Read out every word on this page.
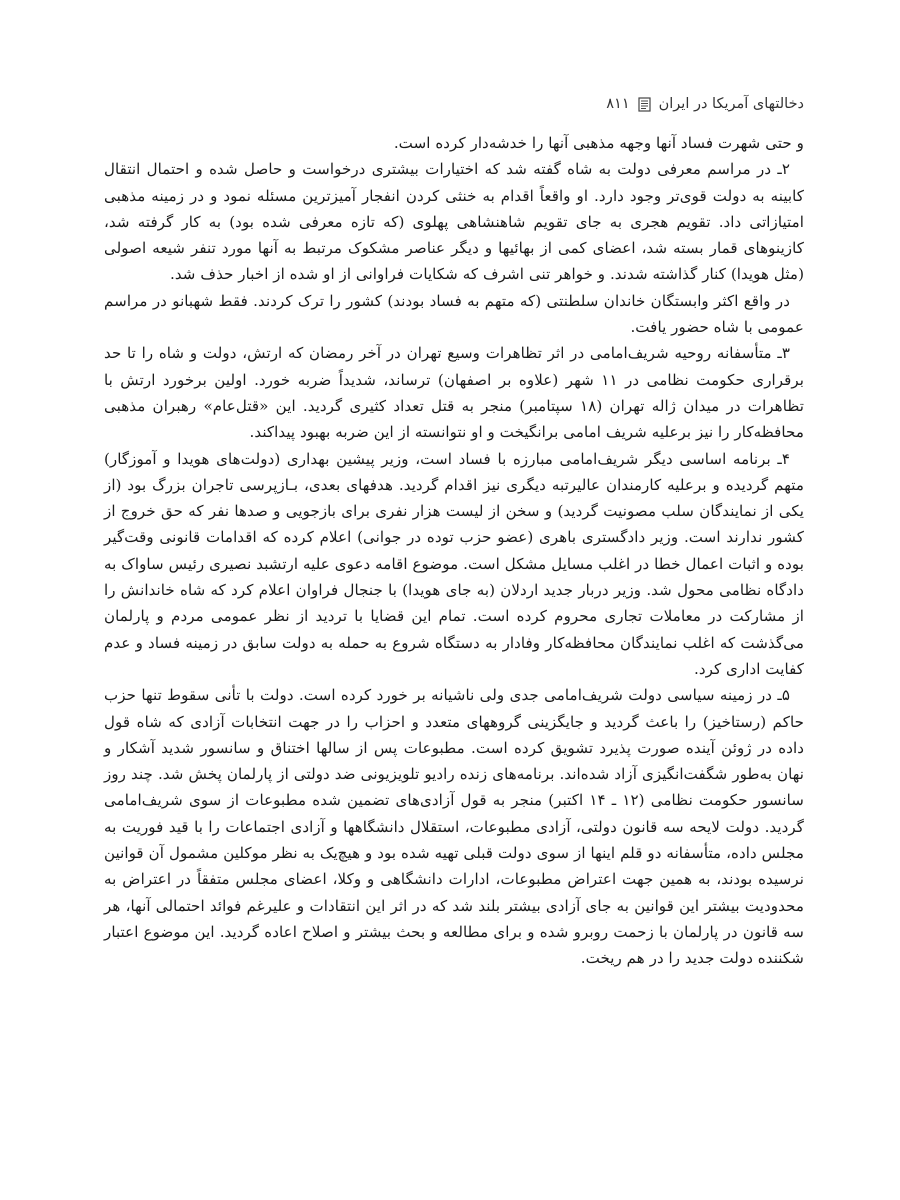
دخالتهای آمریکا در ایران
۸۱۱

و حتی شهرت فساد آنها وجهه مذهبی آنها را خدشه‌دار کرده است.

۲ـ در مراسم معرفی دولت به شاه گفته شد که اختیارات بیشتری درخواست و حاصل شده و احتمال انتقال کابینه به دولت قوی‌تر وجود دارد. او واقعاً اقدام به خنثی کردن انفجار آمیزترین مسئله نمود و در زمینه مذهبی امتیازاتی داد. تقویم هجری به جای تقویم شاهنشاهی پهلوی (که تازه معرفی شده بود) به کار گرفته شد، کازینوهای قمار بسته شد، اعضای کمی از بهائیها و دیگر عناصر مشکوک مرتبط به آنها مورد تنفر شیعه اصولی (مثل هویدا) کنار گذاشته شدند. و خواهر تنی اشرف که شکایات فراوانی از او شده از اخبار حذف شد.

در واقع اکثر وابستگان خاندان سلطنتی (که متهم به فساد بودند) کشور را ترک کردند. فقط شهبانو در مراسم عمومی با شاه حضور یافت.

۳ـ متأسفانه روحیه شریف‌امامی در اثر تظاهرات وسیع تهران در آخر رمضان که ارتش، دولت و شاه را تا حد برقراری حکومت نظامی در ۱۱ شهر (علاوه بر اصفهان) ترساند، شدیداً ضربه خورد. اولین برخورد ارتش با تظاهرات در میدان ژاله تهران (۱۸ سپتامبر) منجر به قتل تعداد کثیری گردید. این «قتل‌عام» رهبران مذهبی محافظه‌کار را نیز برعلیه شریف امامی برانگیخت و او نتوانسته از این ضربه بهبود پیداکند.

۴ـ برنامه اساسی دیگر شریف‌امامی مبارزه با فساد است، وزیر پیشین بهداری (دولت‌های هویدا و آموزگار) متهم گردیده و برعلیه کارمندان عالیرتبه دیگری نیز اقدام گردید. هدفهای بعدی، بـازپرسی تاجران بزرگ بود (از یکی از نمایندگان سلب مصونیت گردید) و سخن از لیست هزار نفری برای بازجویی و صدها نفر که حق خروج از کشور ندارند است. وزیر دادگستری باهری (عضو حزب توده در جوانی) اعلام کرده که اقدامات قانونی وقت‌گیر بوده و اثبات اعمال خطا در اغلب مسایل مشکل است. موضوع اقامه دعوی علیه ارتشبد نصیری رئیس ساواک به دادگاه نظامی محول شد. وزیر دربار جدید اردلان (به جای هویدا) با جنجال فراوان اعلام کرد که شاه خاندانش را از مشارکت در معاملات تجاری محروم کرده است. تمام این قضایا با تردید از نظر عمومی مردم و پارلمان می‌گذشت که اغلب نمایندگان محافظه‌کار وفادار به دستگاه شروع به حمله به دولت سابق در زمینه فساد و عدم کفایت اداری کرد.

۵ـ در زمینه سیاسی دولت شریف‌امامی جدی ولی ناشیانه بر خورد کرده است. دولت با تأنی سقوط تنها حزب حاکم (رستاخیز) را باعث گردید و جایگزینی گروههای متعدد و احزاب را در جهت انتخابات آزادی که شاه قول داده در ژوئن آینده صورت پذیرد تشویق کرده است. مطبوعات پس از سالها اختناق و سانسور شدید آشکار و نهان به‌طور شگفت‌انگیزی آزاد شده‌اند. برنامه‌های زنده رادیو تلویزیونی ضد دولتی از پارلمان پخش شد. چند روز سانسور حکومت نظامی (۱۲ ـ ۱۴ اکتبر) منجر به قول آزادی‌های تضمین شده مطبوعات از سوی شریف‌امامی گردید. دولت لایحه سه قانون دولتی، آزادی مطبوعات، استقلال دانشگاهها و آزادی اجتماعات را با قید فوریت به مجلس داده، متأسفانه دو قلم اینها از سوی دولت قبلی تهیه شده بود و هیچ‌یک به نظر موکلین مشمول آن قوانین نرسیده بودند، به همین جهت اعتراض مطبوعات، ادارات دانشگاهی و وکلا، اعضای مجلس متفقاً در اعتراض به محدودیت بیشتر این قوانین به جای آزادی بیشتر بلند شد که در اثر این انتقادات و علیرغم فوائد احتمالی آنها، هر سه قانون در پارلمان با زحمت روبرو شده و برای مطالعه و بحث بیشتر و اصلاح اعاده گردید. این موضوع اعتبار شکننده دولت جدید را در هم ریخت.
